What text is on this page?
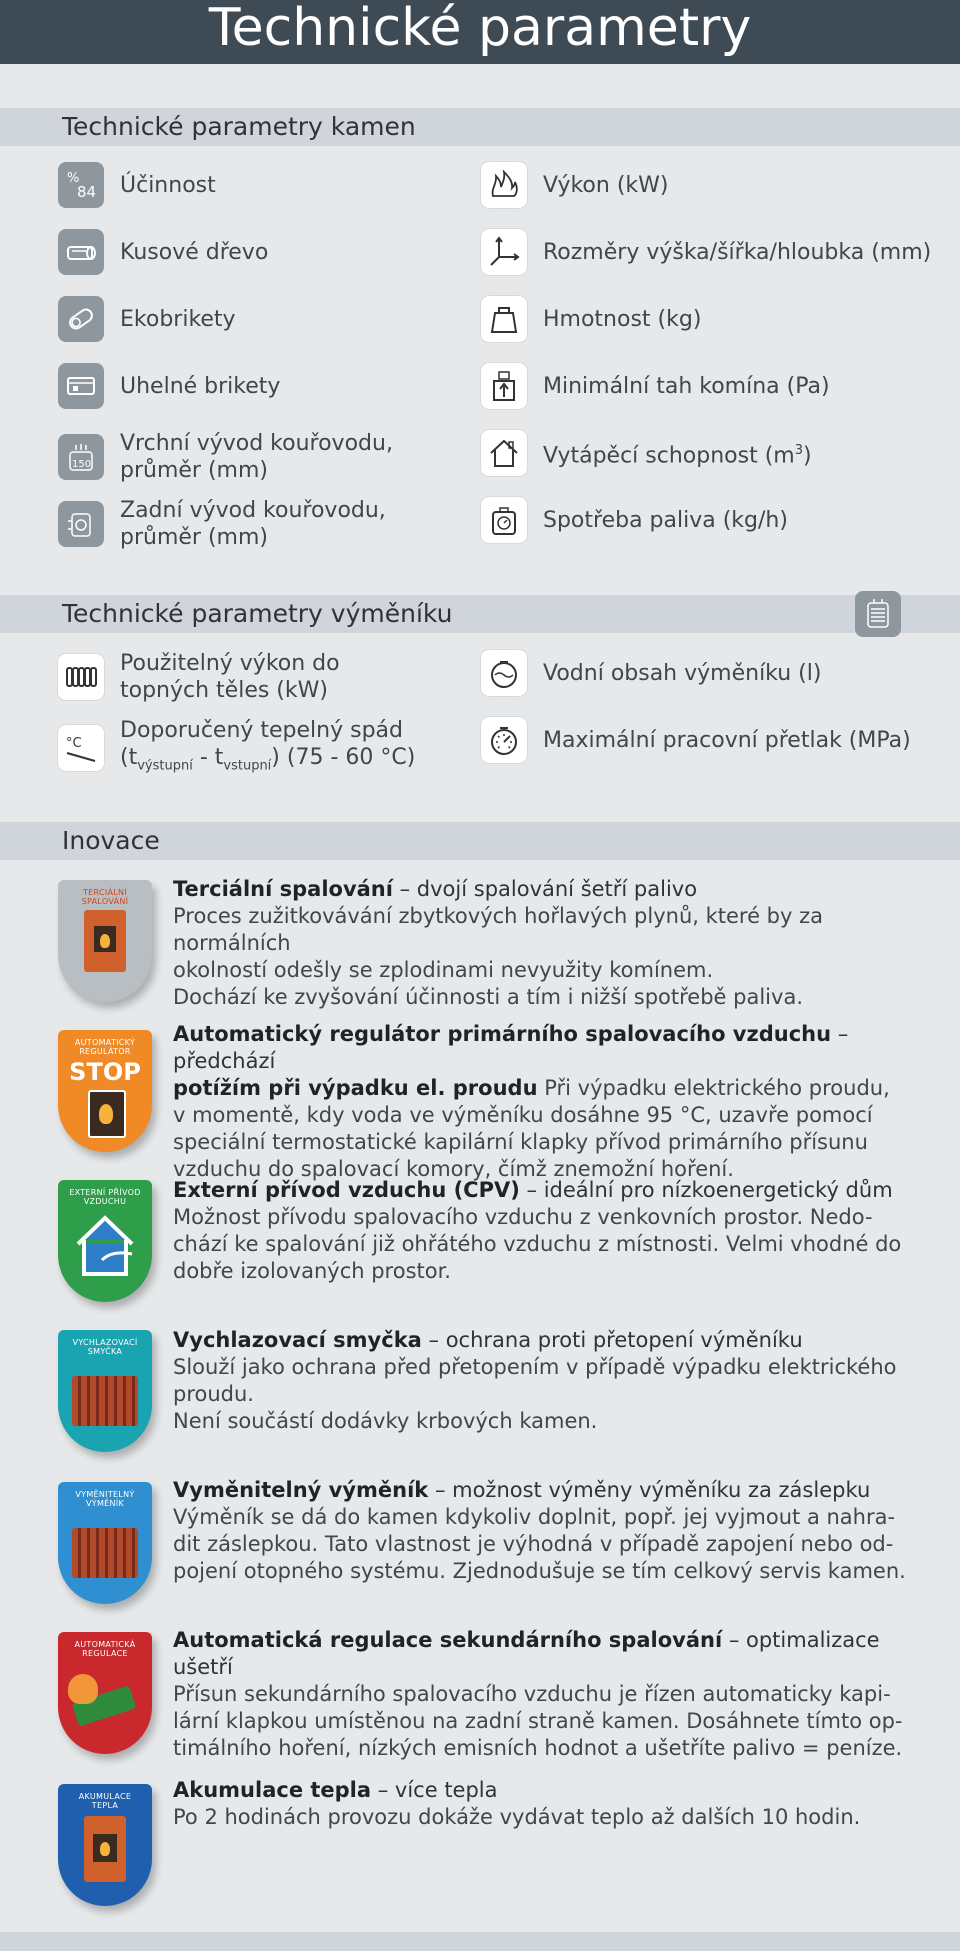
Technické parametry
Technické parametry kamen
%
84 Účinnost
Kusové dřevo
Ekobrikety
Uhelné brikety
150
Vrchní vývod kouřovodu,
průměr (mm)
Zadní vývod kouřovodu,
průměr (mm)
Výkon (kW)
Rozměry výška/šířka/hloubka (mm)
Hmotnost (kg)
Minimální tah komína (Pa)
Vytápěcí schopnost $(m^3)$
Spotřeba paliva (kg/h)
Technické parametry výměníku
Použitelný výkon do
topných těles (kW)
°C
Doporučený tepelný spád
$(t_{výstupní} - t_{vstupní})$ (75 - 60 °C)
Vodní obsah výměníku (l)
Maximální pracovní přetlak (MPa)
Inovace
TERCIÁLNÍ SPALOVÁNÍ
Terciální spalování – dvojí spalování šetří palivo
Proces zužitkovávání zbytkových hořlavých plynů, které by za normálních
okolností odešly se zplodinami nevyužity komínem.
Dochází ke zvyšování účinnosti a tím i nižší spotřebě paliva.
AUTOMATICKÝ REGULÁTOR
STOP
Automatický regulátor primárního spalovacího vzduchu – předchází
potížím při výpadku el. proudu Při výpadku elektrického proudu,
v momentě, kdy voda ve výměníku dosáhne 95 °C, uzavře pomocí
speciální termostatické kapilární klapky přívod primárního přísunu
vzduchu do spalovací komory, čímž znemožní hoření.
EXTERNÍ PŘÍVOD VZDUCHU	Externí přívod vzduchu (CPV) – ideální pro nízkoenergetický dům
Možnost přívodu spalovacího vzduchu z venkovních prostor. Nedo-
chází ke spalování již ohřátého vzduchu z místnosti. Velmi vhodné do
dobře izolovaných prostor.
VYCHLAZOVACÍ SMYČKA	Vychlazovací smyčka – ochrana proti přetopení výměníku
Slouží jako ochrana před přetopením v případě výpadku elektrického
proudu.
Není součástí dodávky krbových kamen.
VYMĚNITELNÝ VÝMĚNÍK
Vyměnitelný výměník – možnost výměny výměníku za záslepku
Výměník se dá do kamen kdykoliv doplnit, popř. jej vyjmout a nahra-
dit záslepkou. Tato vlastnost je výhodná v případě zapojení nebo od-
pojení otopného systému. Zjednodušuje se tím celkový servis kamen.
AUTOMATICKÁ REGULACE
Automatická regulace sekundárního spalování – optimalizace ušetří
Přísun sekundárního spalovacího vzduchu je řízen automaticky kapi-
lární klapkou umístěnou na zadní straně kamen. Dosáhnete tímto op-
timálního hoření, nízkých emisních hodnot a ušetříte palivo = peníze.
AKUMULACE TEPLA
Akumulace tepla – více tepla
Po 2 hodinách provozu dokáže vydávat teplo až dalších 10 hodin.
